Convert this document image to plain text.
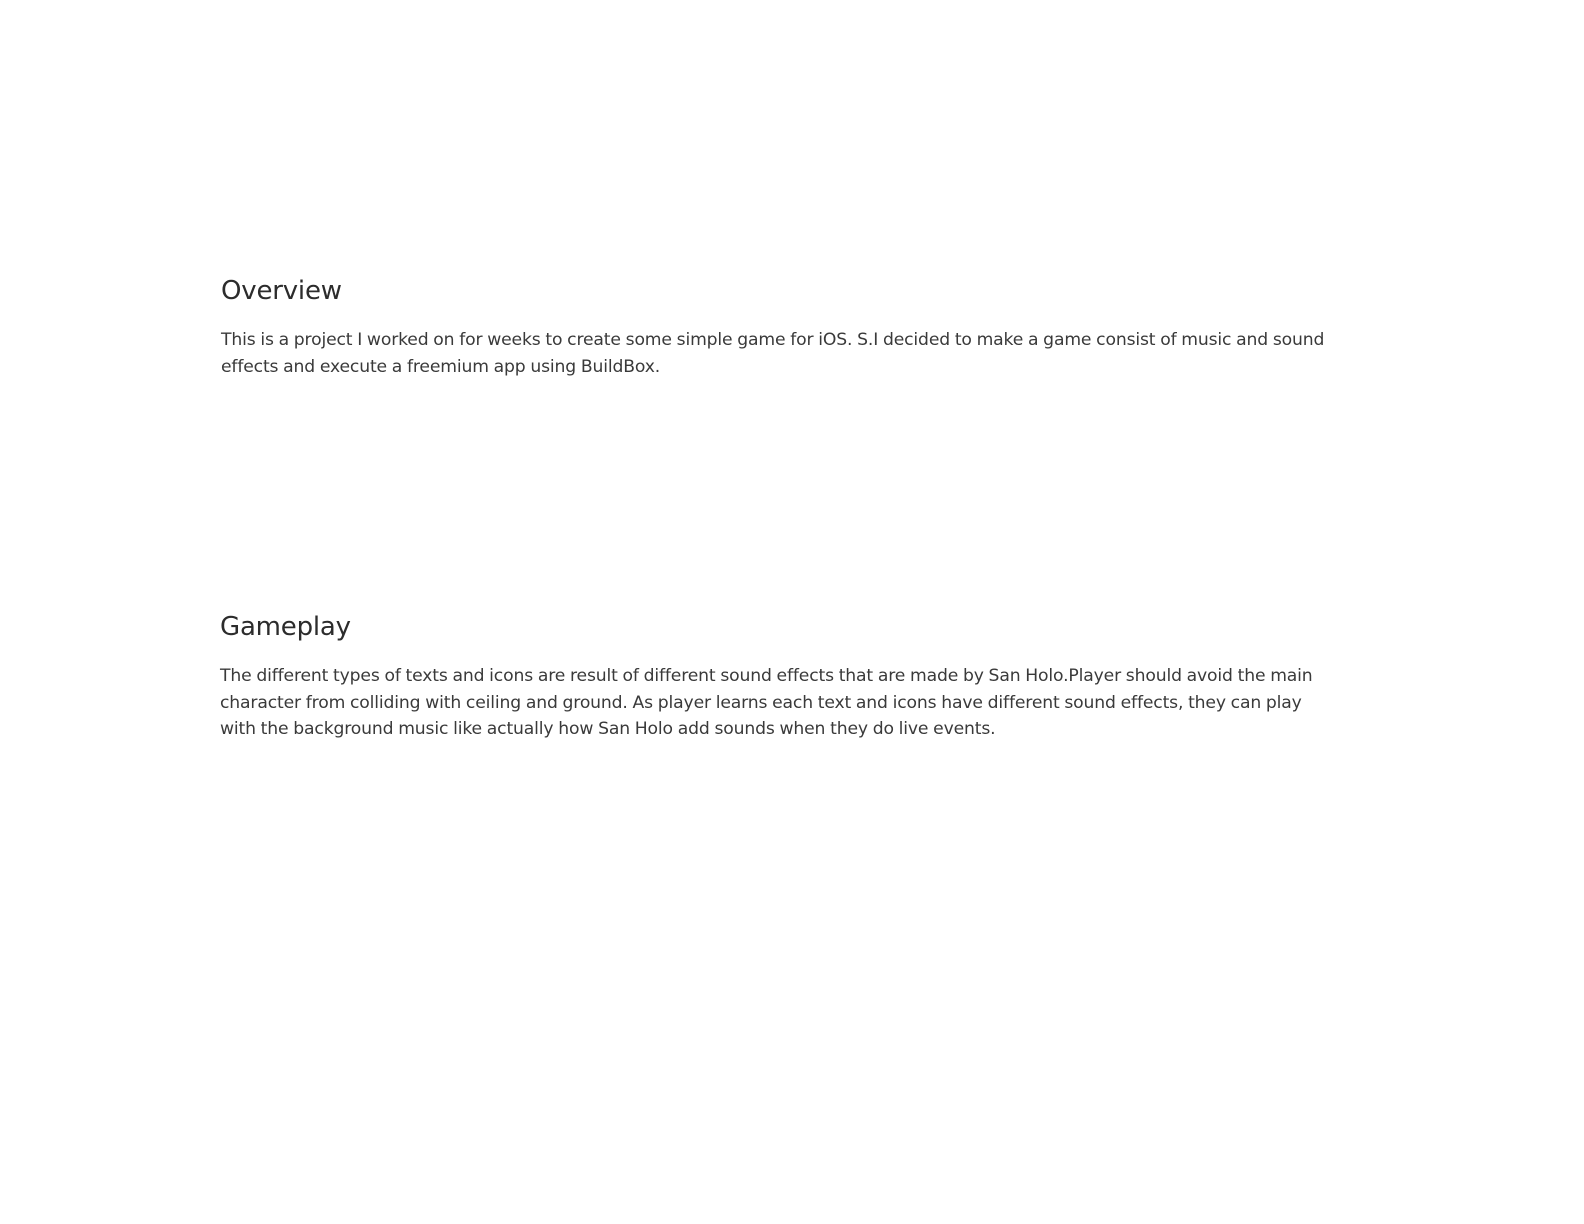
Overview

This is a project I worked on for weeks to create some simple game for iOS. S.I decided to make a game consist of music and sound effects and execute a freemium app using BuildBox.

Gameplay

The different types of texts and icons are result of different sound effects that are made by San Holo.Player should avoid the main character from colliding with ceiling and ground. As player learns each text and icons have different sound effects, they can play with the background music like actually how San Holo add sounds when they do live events.
